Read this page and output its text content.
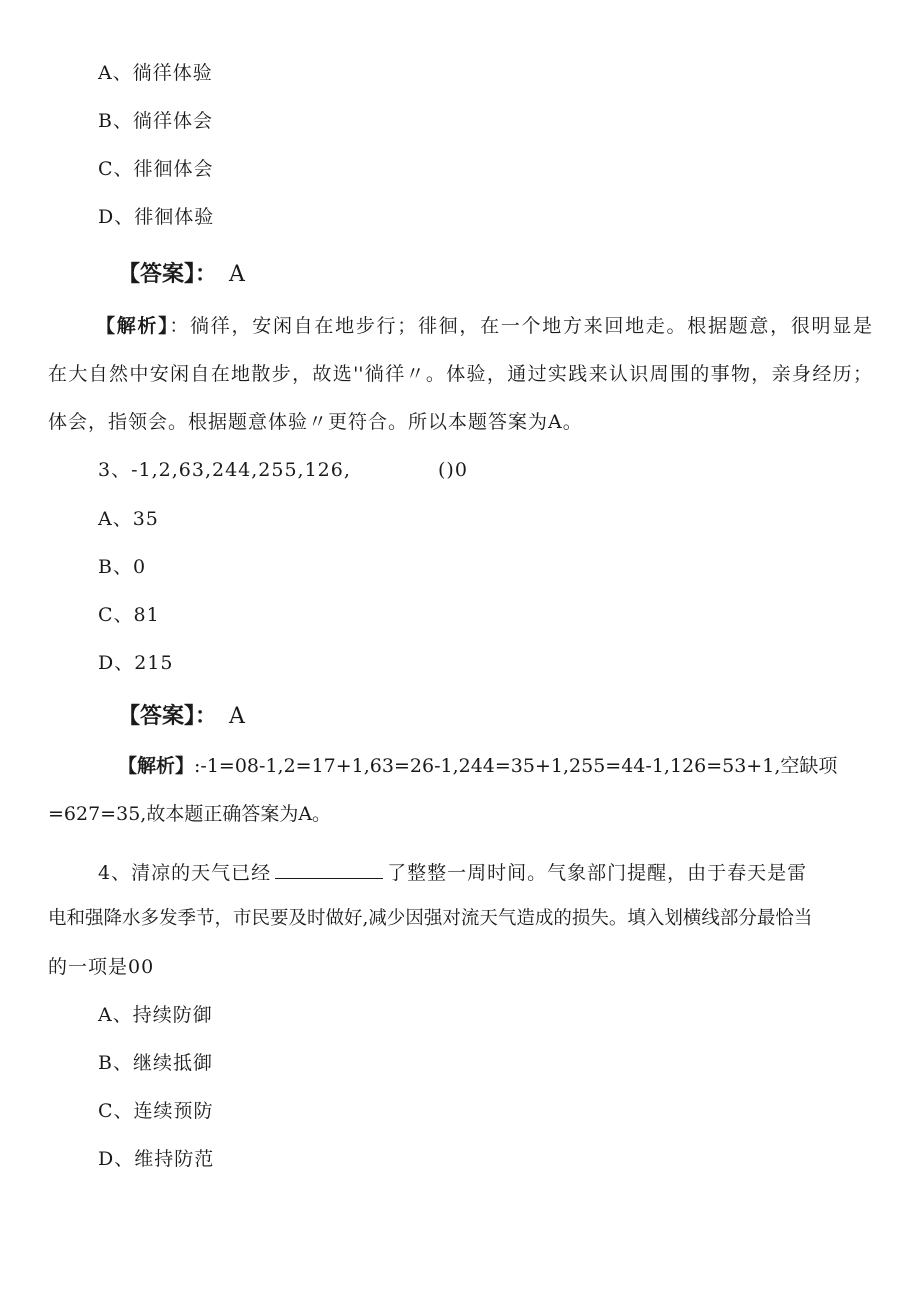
A、徜徉体验
B、徜徉体会
C、徘徊体会
D、徘徊体验
【答案】： A
【解析】：徜徉，安闲自在地步行；徘徊，在一个地方来回地走。根据题意，很明显是
在大自然中安闲自在地散步，故选''徜徉〃。体验，通过实践来认识周围的事物，亲身经历；
体会，指领会。根据题意体验〃更符合。所以本题答案为A。
3、-1,2,63,244,255,126,	()0
A、35
B、0
C、81
D、215
【答案】： A
【解析】:-1=08-1,2=17+1,63=26-1,244=35+1,255=44-1,126=53+1,空缺项
=627=35,故本题正确答案为A。
4、清凉的天气已经	了整整一周时间。气象部门提醒，由于春天是雷
电和强降水多发季节，市民要及时做好,减少因强对流天气造成的损失。填入划横线部分最恰当
的一项是00
A、持续防御
B、继续抵御
C、连续预防
D、维持防范
